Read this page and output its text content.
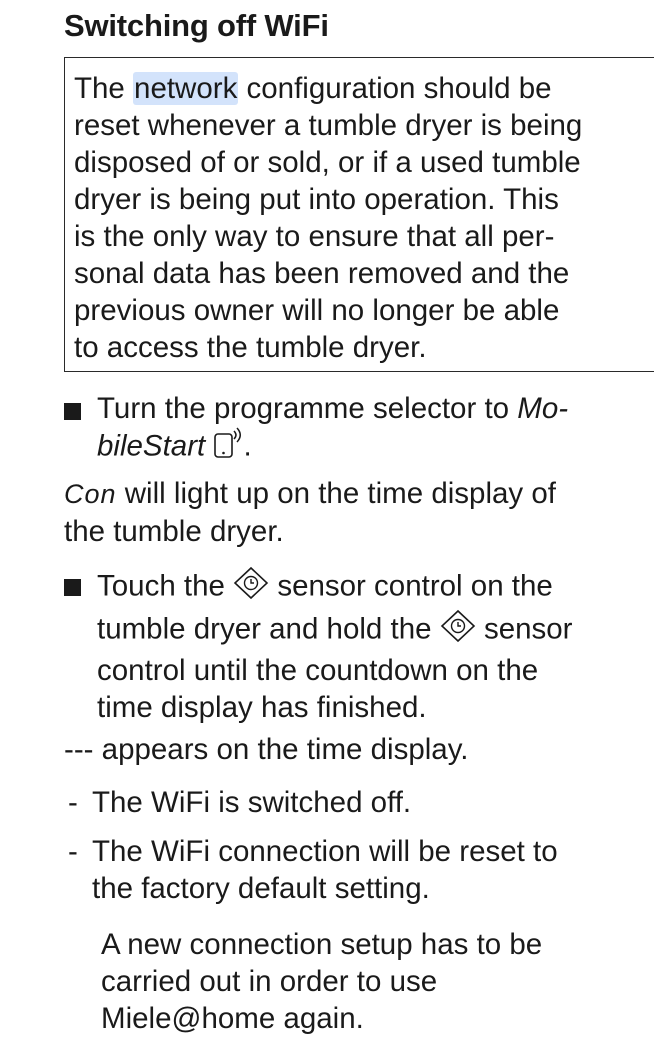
Switching off WiFi
The network configuration should be
reset whenever a tumble dryer is being
disposed of or sold, or if a used tumble
dryer is being put into operation. This
is the only way to ensure that all per-
sonal data has been removed and the
previous owner will no longer be able
to access the tumble dryer.
Turn the programme selector to Mo-
bileStart .
Con will light up on the time display of
the tumble dryer.
Touch the  sensor control on the
tumble dryer and hold the  sensor
control until the countdown on the
time display has finished.
--- appears on the time display.
- The WiFi is switched off.
- The WiFi connection will be reset to
the factory default setting.
A new connection setup has to be
carried out in order to use
Miele@home again.
